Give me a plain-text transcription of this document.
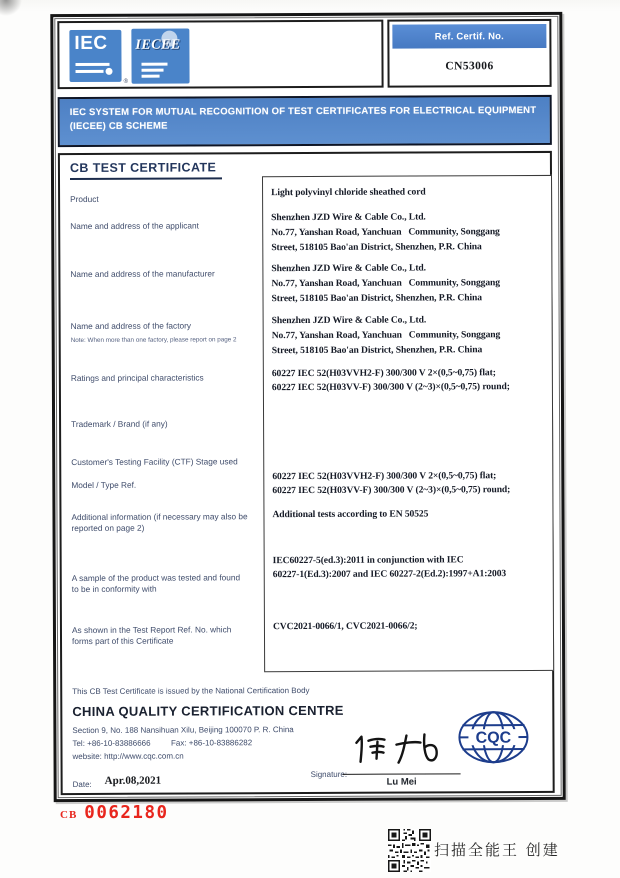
IEC
®
IECEE
Ref. Certif. No.
CN53006
IEC SYSTEM FOR MUTUAL RECOGNITION OF TEST CERTIFICATES FOR ELECTRICAL EQUIPMENT
(IECEE) CB SCHEME
CB TEST CERTIFICATE
Product
Name and address of the applicant
Name and address of the manufacturer
Name and address of the factory
Note: When more than one factory, please report on page 2
Ratings and principal characteristics
Trademark / Brand (if any)
Customer's Testing Facility (CTF) Stage used
Model / Type Ref.
Additional information (if necessary may also be reported on page 2)
A sample of the product was tested and found to be in conformity with
As shown in the Test Report Ref. No. which forms part of this Certificate
Light polyvinyl chloride sheathed cord
Shenzhen JZD Wire & Cable Co., Ltd.
No.77, Yanshan Road, Yanchuan   Community, Songgang
Street, 518105 Bao'an District, Shenzhen, P.R. China
Shenzhen JZD Wire & Cable Co., Ltd.
No.77, Yanshan Road, Yanchuan   Community, Songgang
Street, 518105 Bao'an District, Shenzhen, P.R. China
Shenzhen JZD Wire & Cable Co., Ltd.
No.77, Yanshan Road, Yanchuan   Community, Songgang
Street, 518105 Bao'an District, Shenzhen, P.R. China
60227 IEC 52(H03VVH2-F) 300/300 V 2×(0,5~0,75) flat;
60227 IEC 52(H03VV-F) 300/300 V (2~3)×(0,5~0,75) round;
60227 IEC 52(H03VVH2-F) 300/300 V 2×(0,5~0,75) flat;
60227 IEC 52(H03VV-F) 300/300 V (2~3)×(0,5~0,75) round;
Additional tests according to EN 50525
IEC60227-5(ed.3):2011 in conjunction with IEC
60227-1(Ed.3):2007 and IEC 60227-2(Ed.2):1997+A1:2003
CVC2021-0066/1, CVC2021-0066/2;
This CB Test Certificate is issued by the National Certification Body
CHINA QUALITY CERTIFICATION CENTRE
Section 9, No. 188 Nansihuan Xilu, Beijing 100070 P. R. China
Tel: +86-10-83886666	Fax: +86-10-83886282
website: http://www.cqc.com.cn
Date: Apr.08,2021
Signature:
Lu Mei
CQC
CB 0062180
扫描全能王 创建
